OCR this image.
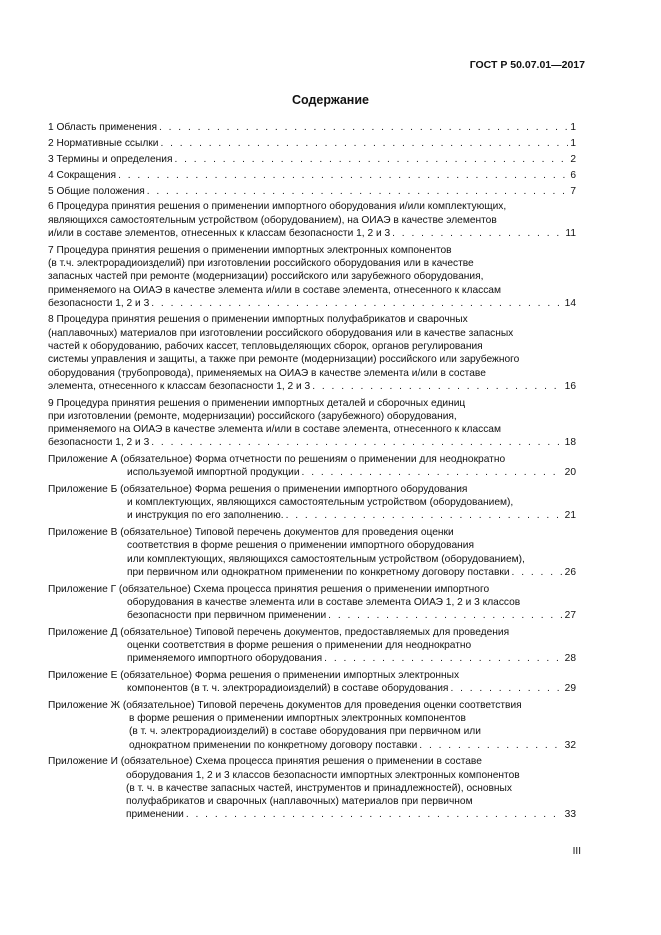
ГОСТ Р 50.07.01—2017
Содержание
1 Область применения . . .	1
2 Нормативные ссылки . . .	1
3 Термины и определения . . .	2
4 Сокращения . . .	6
5 Общие положения . . .	7
6 Процедура принятия решения о применении импортного оборудования и/или комплектующих,
являющихся самостоятельным устройством (оборудованием), на ОИАЭ в качестве элементов
и/или в составе элементов, отнесенных к классам безопасности 1, 2 и 3 . . .	11
7 Процедура принятия решения о применении импортных электронных компонентов
(в т.ч. электрорадиоизделий) при изготовлении российского оборудования или в качестве
запасных частей при ремонте (модернизации) российского или зарубежного оборудования,
применяемого на ОИАЭ в качестве элемента и/или в составе элемента, отнесенного к классам
безопасности 1, 2 и 3 . . .	14
8 Процедура принятия решения о применении импортных полуфабрикатов и сварочных
(наплавочных) материалов при изготовлении российского оборудования или в качестве запасных
частей к оборудованию, рабочих кассет, тепловыделяющих сборок, органов регулирования
системы управления и защиты, а также при ремонте (модернизации) российского или зарубежного
оборудования (трубопровода), применяемых на ОИАЭ в качестве элемента и/или в составе
элемента, отнесенного к классам безопасности 1, 2 и 3 . . .	16
9 Процедура принятия решения о применении импортных деталей и сборочных единиц
при изготовлении (ремонте, модернизации) российского (зарубежного) оборудования,
применяемого на ОИАЭ в качестве элемента и/или в составе элемента, отнесенного к классам
безопасности 1, 2 и 3 . . .	18
Приложение А (обязательное) Форма отчетности по решениям о применении для неоднократно
используемой импортной продукции . . .	20
Приложение Б (обязательное) Форма решения о применении импортного оборудования
и комплектующих, являющихся самостоятельным устройством (оборудованием),
и инструкция по его заполнению. . . .	21
Приложение В (обязательное) Типовой перечень документов для проведения оценки
соответствия в форме решения о применении импортного оборудования
или комплектующих, являющихся самостоятельным устройством (оборудованием),
при первичном или однократном применении по конкретному договору поставки . . .	26
Приложение Г (обязательное) Схема процесса принятия решения о применении импортного
оборудования в качестве элемента или в составе элемента ОИАЭ 1, 2 и 3 классов
безопасности при первичном применении . . .	27
Приложение Д (обязательное) Типовой перечень документов, предоставляемых для проведения
оценки соответствия в форме решения о применении для неоднократно
применяемого импортного оборудования . . .	28
Приложение Е (обязательное) Форма решения о применении импортных электронных
компонентов (в т. ч. электрорадиоизделий) в составе оборудования . . .	29
Приложение Ж (обязательное) Типовой перечень документов для проведения оценки соответствия
в форме решения о применении импортных электронных компонентов
(в т. ч. электрорадиоизделий) в составе оборудования при первичном или
однократном применении по конкретному договору поставки . . .	32
Приложение И (обязательное) Схема процесса принятия решения о применении в составе
оборудования 1, 2 и 3 классов безопасности импортных электронных компонентов
(в т. ч. в качестве запасных частей, инструментов и принадлежностей), основных
полуфабрикатов и сварочных (наплавочных) материалов при первичном
применении . . .	33
III
